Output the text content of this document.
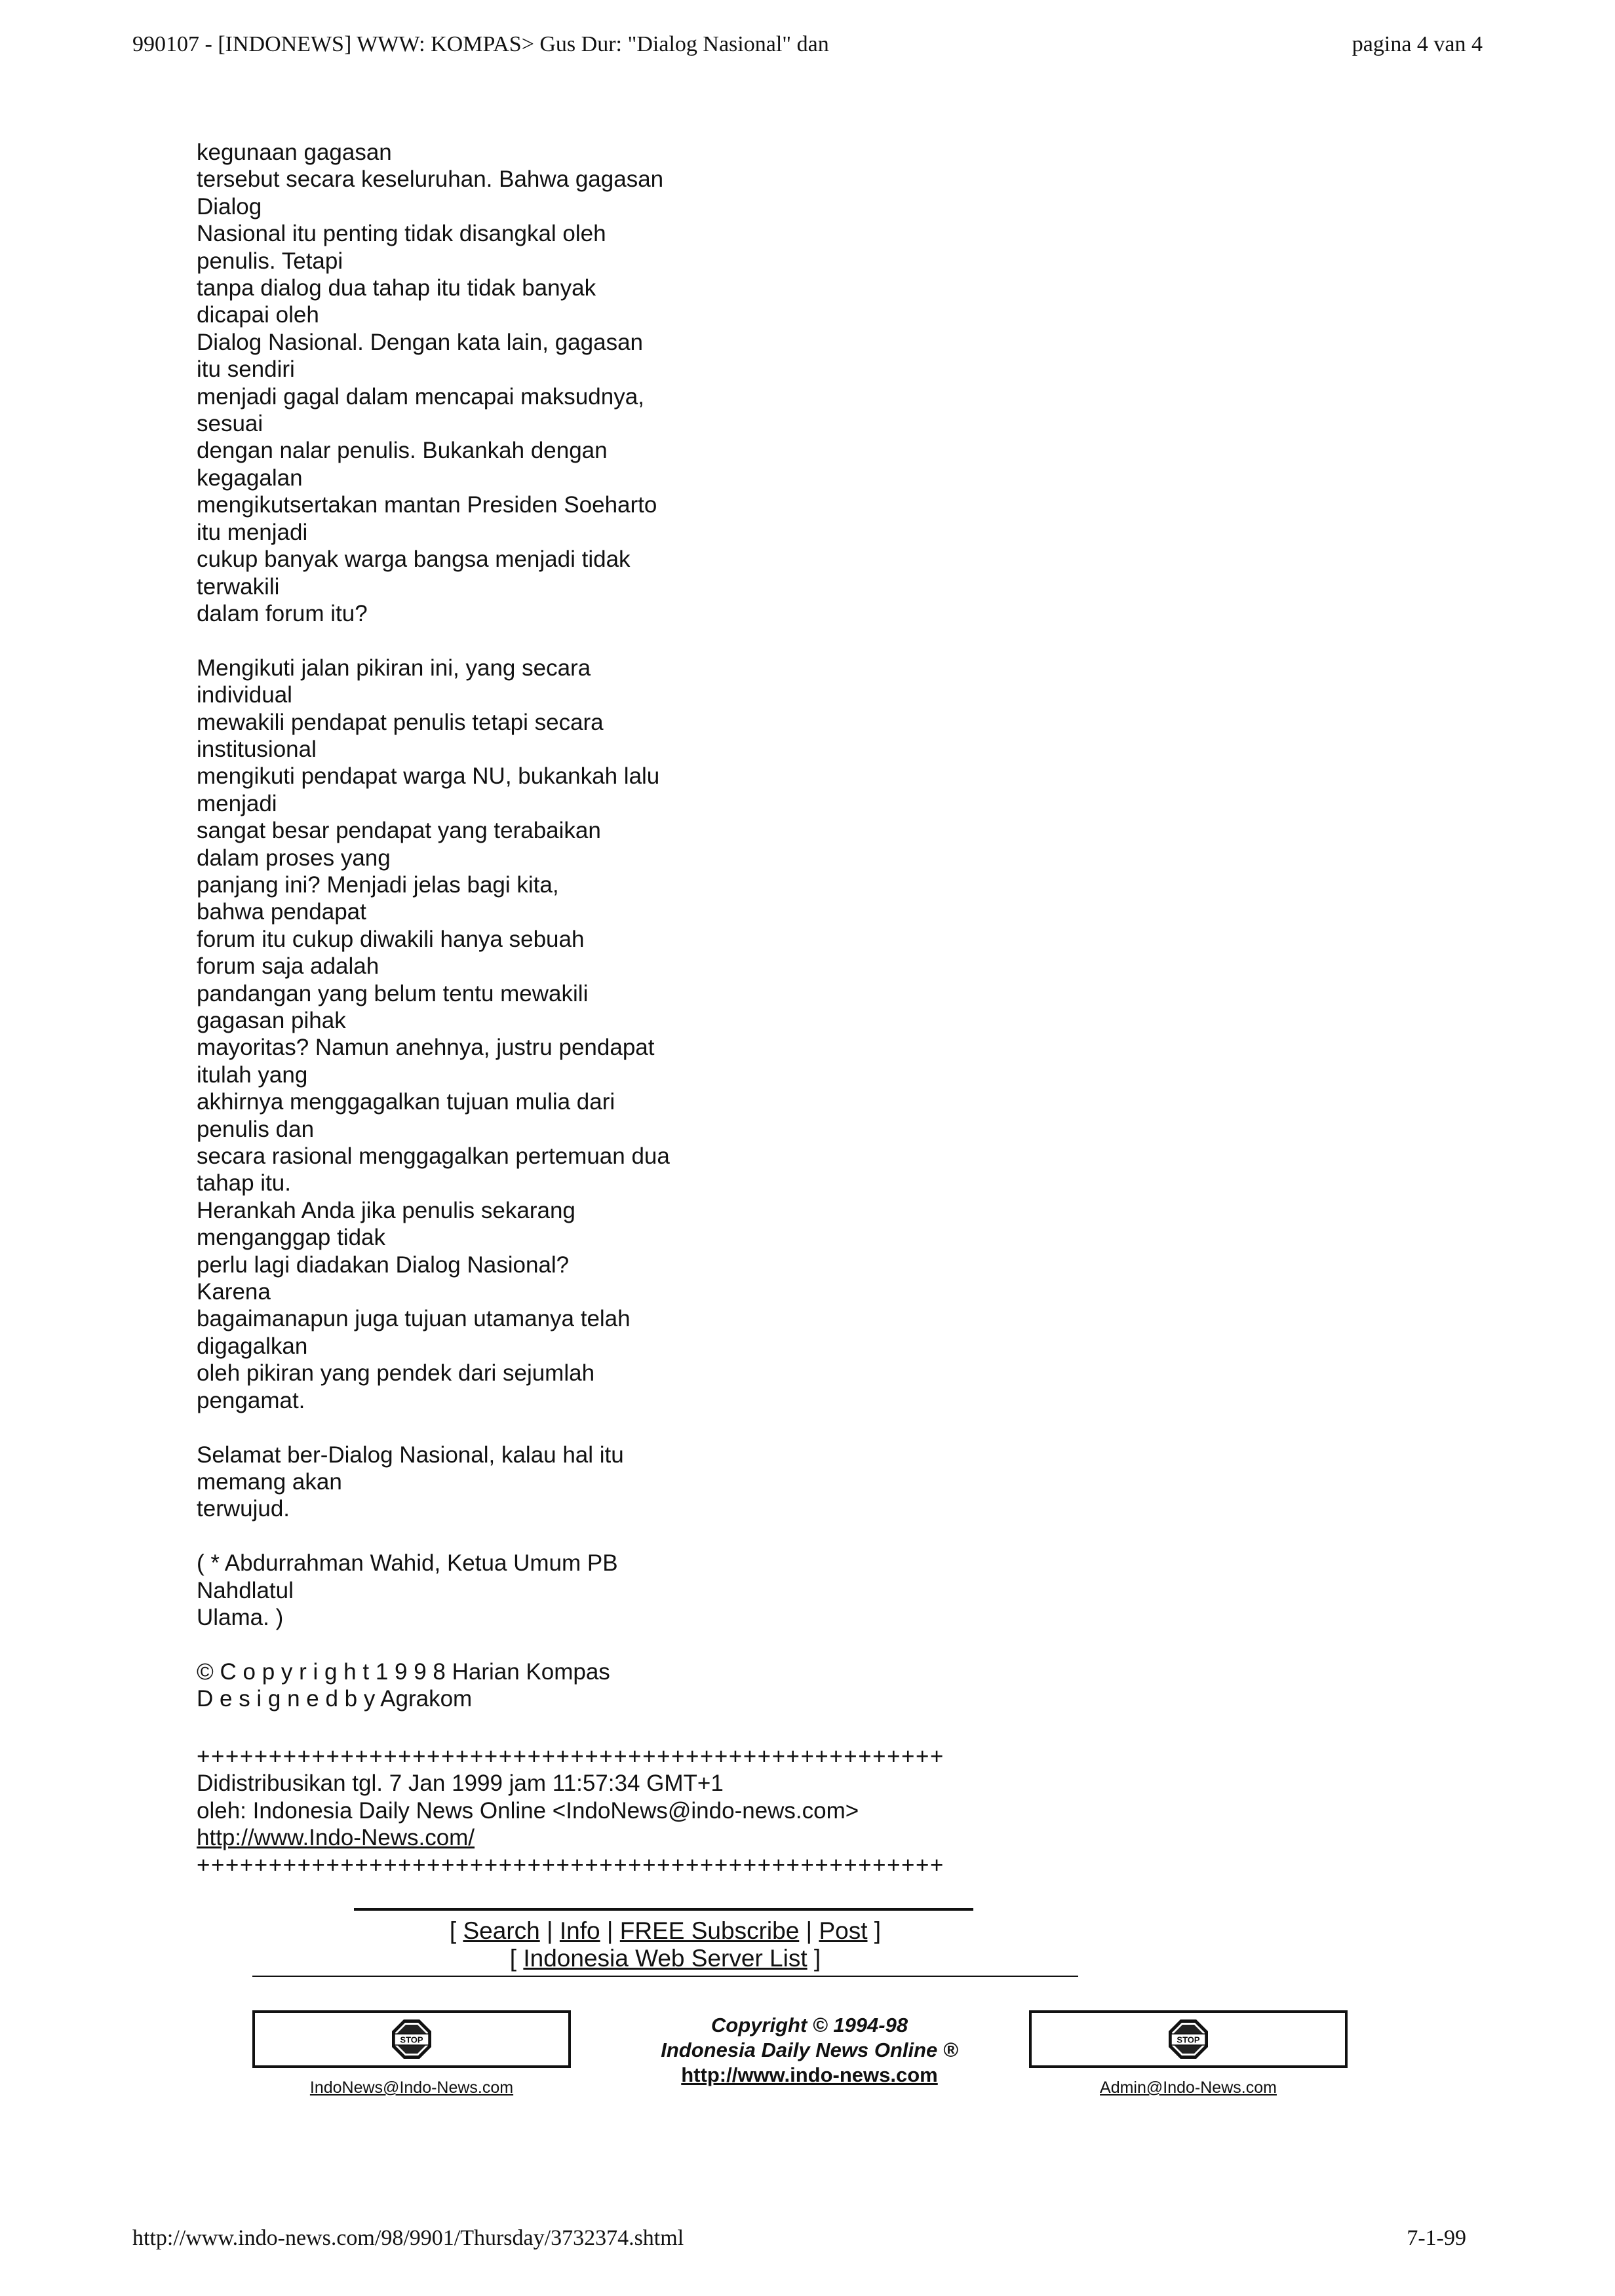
990107 - [INDONEWS] WWW: KOMPAS> Gus Dur: "Dialog Nasional" dan	pagina 4 van 4
kegunaan gagasan
tersebut secara keseluruhan. Bahwa gagasan
Dialog
Nasional itu penting tidak disangkal oleh
penulis. Tetapi
tanpa dialog dua tahap itu tidak banyak
dicapai oleh
Dialog Nasional. Dengan kata lain, gagasan
itu sendiri
menjadi gagal dalam mencapai maksudnya,
sesuai
dengan nalar penulis. Bukankah dengan
kegagalan
mengikutsertakan mantan Presiden Soeharto
itu menjadi
cukup banyak warga bangsa menjadi tidak
terwakili
dalam forum itu?

Mengikuti jalan pikiran ini, yang secara
individual
mewakili pendapat penulis tetapi secara
institusional
mengikuti pendapat warga NU, bukankah lalu
menjadi
sangat besar pendapat yang terabaikan
dalam proses yang
panjang ini? Menjadi jelas bagi kita,
bahwa pendapat
forum itu cukup diwakili hanya sebuah
forum saja adalah
pandangan yang belum tentu mewakili
gagasan pihak
mayoritas? Namun anehnya, justru pendapat
itulah yang
akhirnya menggagalkan tujuan mulia dari
penulis dan
secara rasional menggagalkan pertemuan dua
tahap itu.
Herankah Anda jika penulis sekarang
menganggap tidak
perlu lagi diadakan Dialog Nasional?
Karena
bagaimanapun juga tujuan utamanya telah
digagalkan
oleh pikiran yang pendek dari sejumlah
pengamat.

Selamat ber-Dialog Nasional, kalau hal itu
memang akan
terwujud.

( * Abdurrahman Wahid, Ketua Umum PB
Nahdlatul
Ulama. )

© C o p y r i g h t 1 9 9 8 Harian Kompas
D e s i g n e d b y Agrakom
++++++++++++++++++++++++++++++++++++++++++++++++++++
Didistribusikan tgl. 7 Jan 1999 jam 11:57:34 GMT+1
oleh: Indonesia Daily News Online <IndoNews@indo-news.com>
http://www.Indo-News.com/
++++++++++++++++++++++++++++++++++++++++++++++++++++
[ Search | Info | FREE Subscribe | Post ]
[ Indonesia Web Server List ]
STOP
IndoNews@Indo-News.com
Copyright © 1994-98
Indonesia Daily News Online ®
http://www.indo-news.com
STOP
Admin@Indo-News.com
http://www.indo-news.com/98/9901/Thursday/3732374.shtml	7-1-99
